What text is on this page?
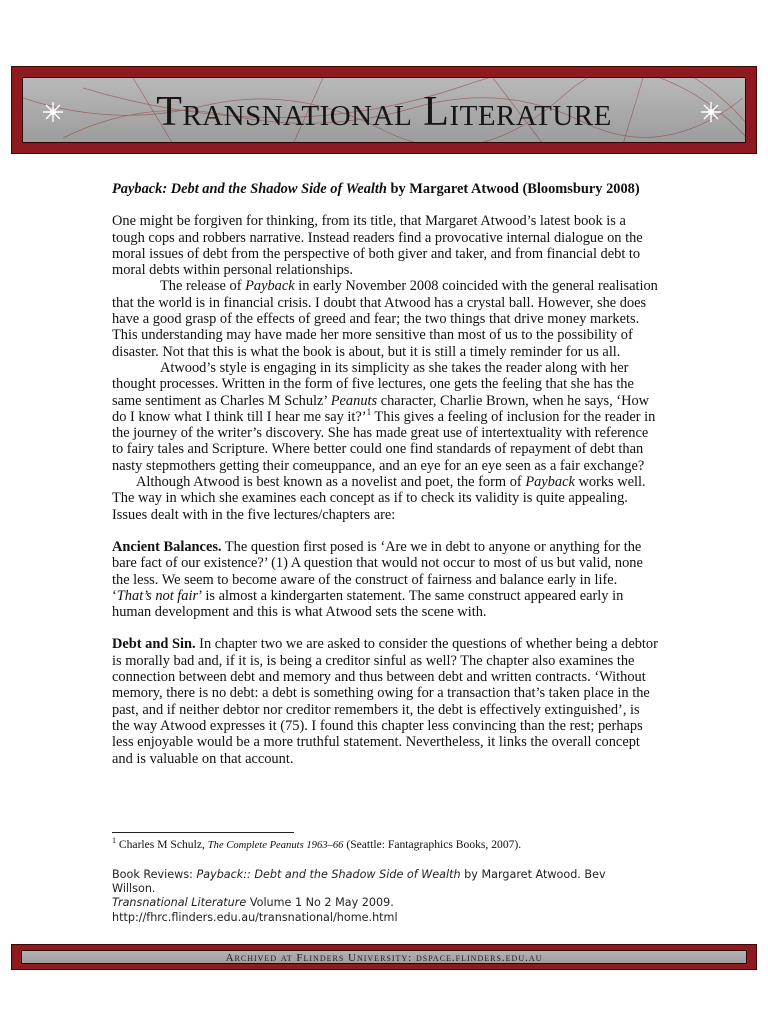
Transnational Literature

Payback: Debt and the Shadow Side of Wealth by Margaret Atwood (Bloomsbury 2008)

One might be forgiven for thinking, from its title, that Margaret Atwood’s latest book is a tough cops and robbers narrative. Instead readers find a provocative internal dialogue on the moral issues of debt from the perspective of both giver and taker, and from financial debt to moral debts within personal relationships.

The release of Payback in early November 2008 coincided with the general realisation that the world is in financial crisis. I doubt that Atwood has a crystal ball. However, she does have a good grasp of the effects of greed and fear; the two things that drive money markets. This understanding may have made her more sensitive than most of us to the possibility of disaster. Not that this is what the book is about, but it is still a timely reminder for us all.

Atwood’s style is engaging in its simplicity as she takes the reader along with her thought processes. Written in the form of five lectures, one gets the feeling that she has the same sentiment as Charles M Schulz’ Peanuts character, Charlie Brown, when he says, ‘How do I know what I think till I hear me say it?’$^1$ This gives a feeling of inclusion for the reader in the journey of the writer’s discovery. She has made great use of intertextuality with reference to fairy tales and Scripture. Where better could one find standards of repayment of debt than nasty stepmothers getting their comeuppance, and an eye for an eye seen as a fair exchange?

Although Atwood is best known as a novelist and poet, the form of Payback works well. The way in which she examines each concept as if to check its validity is quite appealing. Issues dealt with in the five lectures/chapters are:

Ancient Balances. The question first posed is ‘Are we in debt to anyone or anything for the bare fact of our existence?’ (1) A question that would not occur to most of us but valid, none the less. We seem to become aware of the construct of fairness and balance early in life. ‘That’s not fair’ is almost a kindergarten statement. The same construct appeared early in human development and this is what Atwood sets the scene with.

Debt and Sin. In chapter two we are asked to consider the questions of whether being a debtor is morally bad and, if it is, is being a creditor sinful as well? The chapter also examines the connection between debt and memory and thus between debt and written contracts. ‘Without memory, there is no debt: a debt is something owing for a transaction that’s taken place in the past, and if neither debtor nor creditor remembers it, the debt is effectively extinguished’, is the way Atwood expresses it (75). I found this chapter less convincing than the rest; perhaps less enjoyable would be a more truthful statement. Nevertheless, it links the overall concept and is valuable on that account.

$^1$ Charles M Schulz, The Complete Peanuts 1963–66 (Seattle: Fantagraphics Books, 2007).

Book Reviews: Payback:: Debt and the Shadow Side of Wealth by Margaret Atwood. Bev Willson.

Transnational Literature Volume 1 No 2 May 2009.

http://fhrc.flinders.edu.au/transnational/home.html

Archived at Flinders University: dspace.flinders.edu.au
